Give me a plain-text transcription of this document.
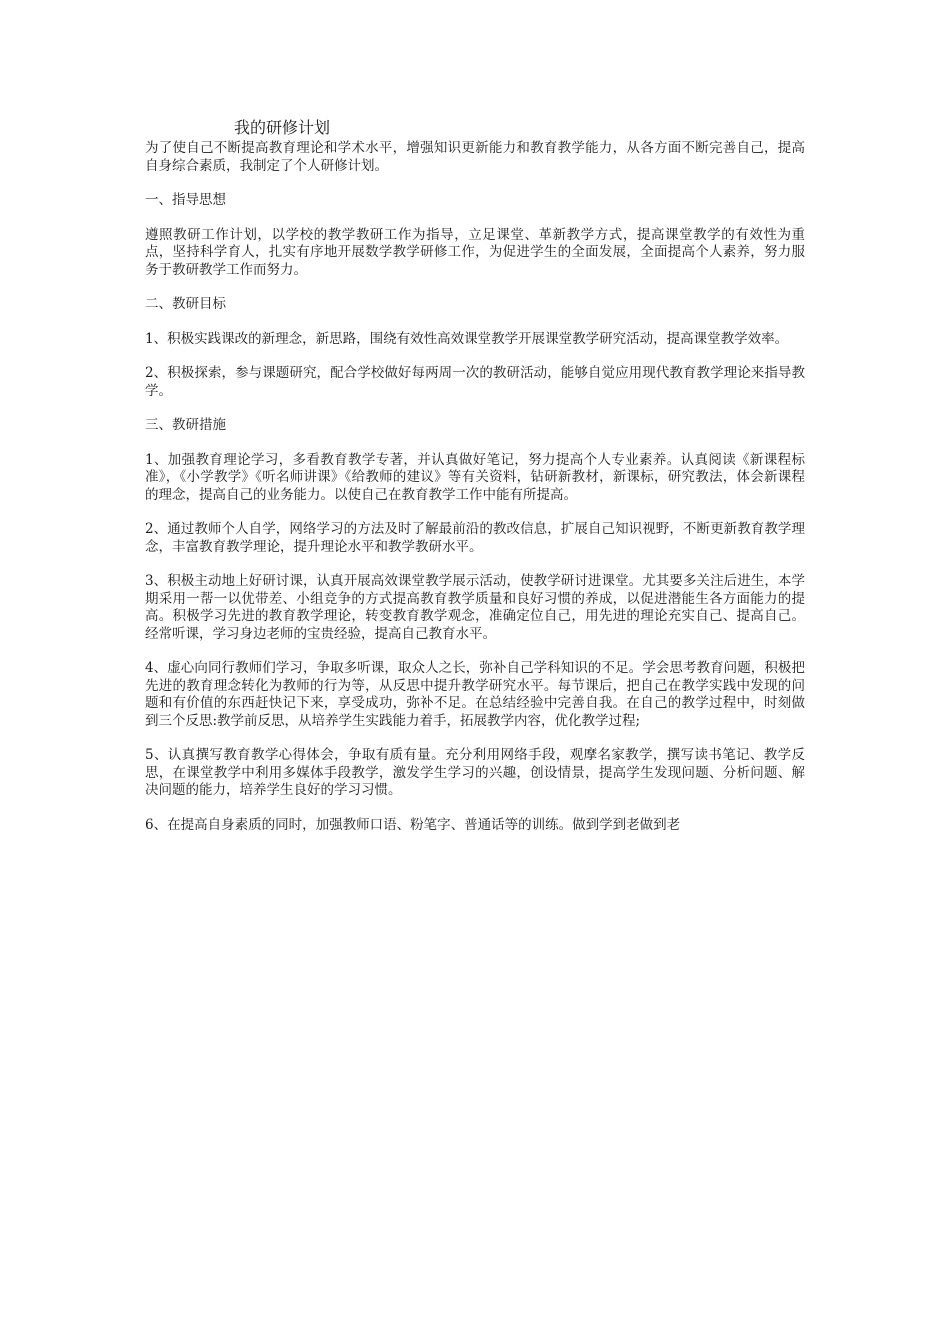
我的研修计划

为了使自己不断提高教育理论和学术水平，增强知识更新能力和教育教学能力，从各方面不断完善自己，提高自身综合素质，我制定了个人研修计划。

一、指导思想

遵照教研工作计划，以学校的教学教研工作为指导，立足课堂、革新教学方式，提高课堂教学的有效性为重点，坚持科学育人，扎实有序地开展数学教学研修工作，为促进学生的全面发展，全面提高个人素养，努力服务于教研教学工作而努力。

二、教研目标

1、积极实践课改的新理念，新思路，围绕有效性高效课堂教学开展课堂教学研究活动，提高课堂教学效率。

2、积极探索，参与课题研究，配合学校做好每两周一次的教研活动，能够自觉应用现代教育教学理论来指导教学。

三、教研措施

1、加强教育理论学习，多看教育教学专著，并认真做好笔记，努力提高个人专业素养。认真阅读《新课程标准》，《小学教学》《听名师讲课》《给教师的建议》等有关资料，钻研新教材，新课标，研究教法，体会新课程的理念，提高自己的业务能力。以使自己在教育教学工作中能有所提高。

2、通过教师个人自学，网络学习的方法及时了解最前沿的教改信息，扩展自己知识视野，不断更新教育教学理念，丰富教育教学理论，提升理论水平和教学教研水平。

3、积极主动地上好研讨课，认真开展高效课堂教学展示活动，使教学研讨进课堂。尤其要多关注后进生，本学期采用一帮一以优带差、小组竞争的方式提高教育教学质量和良好习惯的养成，以促进潜能生各方面能力的提高。积极学习先进的教育教学理论，转变教育教学观念，准确定位自己，用先进的理论充实自己、提高自己。经常听课，学习身边老师的宝贵经验，提高自己教育水平。

4、虚心向同行教师们学习，争取多听课，取众人之长，弥补自己学科知识的不足。学会思考教育问题，积极把先进的教育理念转化为教师的行为等，从反思中提升教学研究水平。每节课后，把自己在教学实践中发现的问题和有价值的东西赶快记下来，享受成功，弥补不足。在总结经验中完善自我。在自己的教学过程中，时刻做到三个反思:教学前反思，从培养学生实践能力着手，拓展教学内容，优化教学过程;

5、认真撰写教育教学心得体会，争取有质有量。充分利用网络手段，观摩名家教学，撰写读书笔记、教学反思，在课堂教学中利用多媒体手段教学，激发学生学习的兴趣，创设情景，提高学生发现问题、分析问题、解决问题的能力，培养学生良好的学习习惯。

6、在提高自身素质的同时，加强教师口语、粉笔字、普通话等的训练。做到学到老做到老
